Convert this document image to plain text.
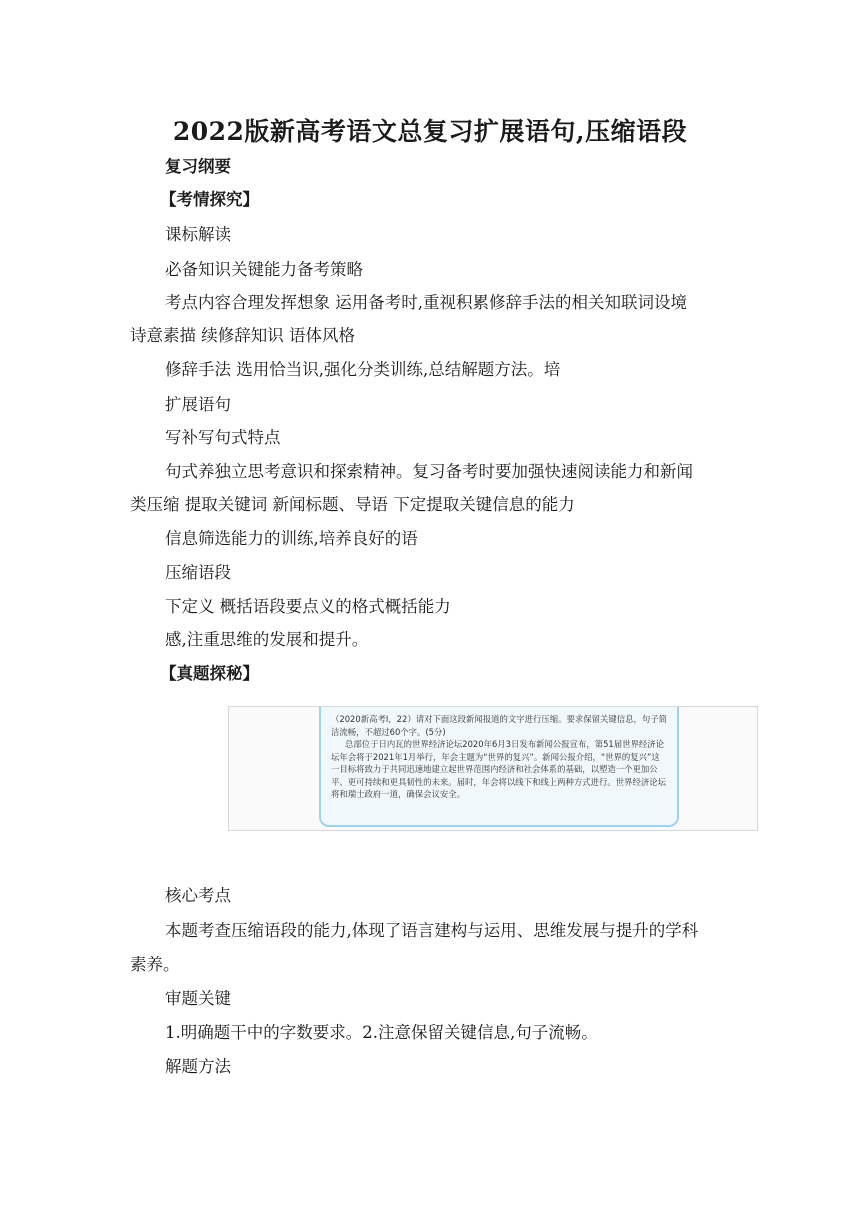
2022版新高考语文总复习扩展语句,压缩语段
复习纲要
【考情探究】
课标解读
必备知识关键能力备考策略
考点内容合理发挥想象 运用备考时,重视积累修辞手法的相关知联词设境
诗意素描 续修辞知识 语体风格
修辞手法 选用恰当识,强化分类训练,总结解题方法。培
扩展语句
写补写句式特点
句式养独立思考意识和探索精神。复习备考时要加强快速阅读能力和新闻
类压缩 提取关键词 新闻标题、导语 下定提取关键信息的能力
信息筛选能力的训练,培养良好的语
压缩语段
下定义 概括语段要点义的格式概括能力
感,注重思维的发展和提升。
【真题探秘】

（2020新高考Ⅰ，22）请对下面这段新闻报道的文字进行压缩。要求保留关键信息，句子简洁流畅，不超过60个字。(5分)

总部位于日内瓦的世界经济论坛2020年6月3日发布新闻公报宣布，第51届世界经济论坛年会将于2021年1月举行，年会主题为“世界的复兴”。新闻公报介绍，“世界的复兴”这一目标将致力于共同迅速地建立起世界范围内经济和社会体系的基础，以塑造一个更加公平、更可持续和更具韧性的未来。届时，年会将以线下和线上两种方式进行。世界经济论坛将和瑞士政府一道，确保会议安全。

核心考点
本题考查压缩语段的能力,体现了语言建构与运用、思维发展与提升的学科
素养。
审题关键
1.明确题干中的字数要求。2.注意保留关键信息,句子流畅。
解题方法
